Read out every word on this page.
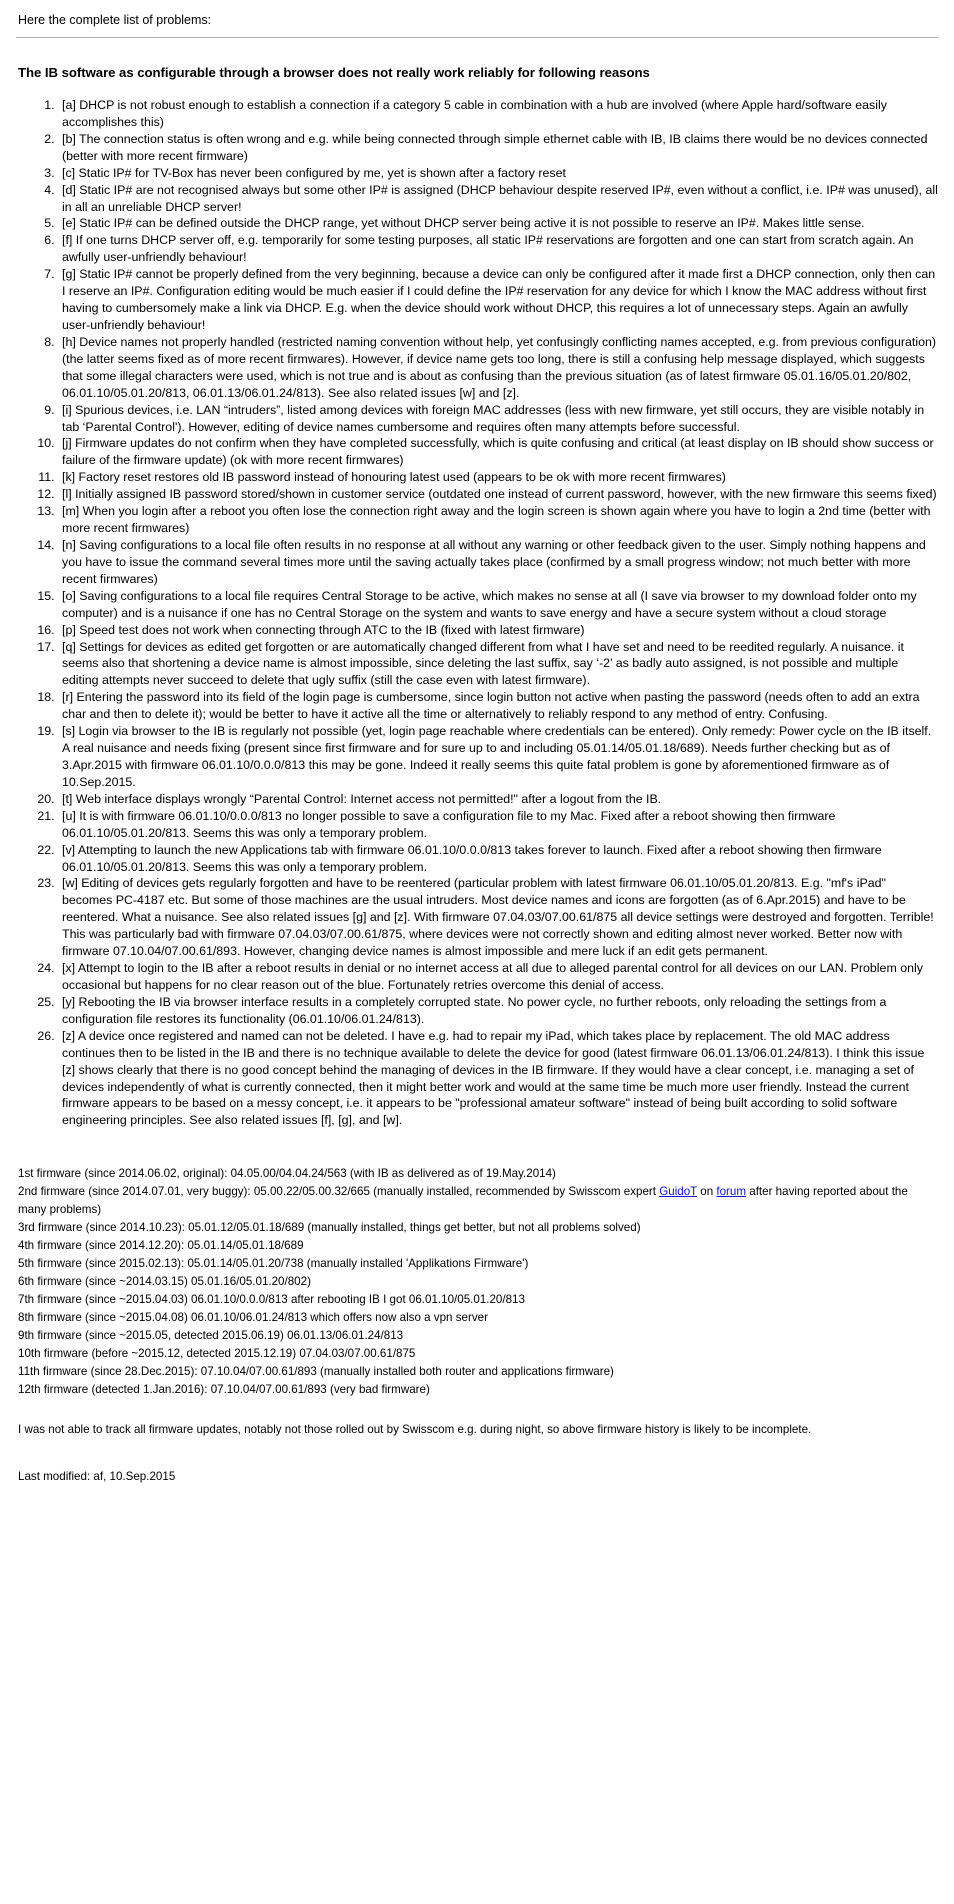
Here the complete list of problems:

The IB software as configurable through a browser does not really work reliably for following reasons
1. [a] DHCP is not robust enough to establish a connection if a category 5 cable in combination with a hub are involved (where Apple hard/software easily accomplishes this)
2. [b] The connection status is often wrong and e.g. while being connected through simple ethernet cable with IB, IB claims there would be no devices connected (better with more recent firmware)
3. [c] Static IP# for TV-Box has never been configured by me, yet is shown after a factory reset
4. [d] Static IP# are not recognised always but some other IP# is assigned (DHCP behaviour despite reserved IP#, even without a conflict, i.e. IP# was unused), all in all an unreliable DHCP server!
5. [e] Static IP# can be defined outside the DHCP range, yet without DHCP server being active it is not possible to reserve an IP#. Makes little sense.
6. [f] If one turns DHCP server off, e.g. temporarily for some testing purposes, all static IP# reservations are forgotten and one can start from scratch again. An awfully user-unfriendly behaviour!
7. [g] Static IP# cannot be properly defined from the very beginning, because a device can only be configured after it made first a DHCP connection, only then can I reserve an IP#. Configuration editing would be much easier if I could define the IP# reservation for any device for which I know the MAC address without first having to cumbersomely make a link via DHCP. E.g. when the device should work without DHCP, this requires a lot of unnecessary steps. Again an awfully user-unfriendly behaviour!
8. [h] Device names not properly handled (restricted naming convention without help, yet confusingly conflicting names accepted, e.g. from previous configuration) (the latter seems fixed as of more recent firmwares). However, if device name gets too long, there is still a confusing help message displayed, which suggests that some illegal characters were used, which is not true and is about as confusing than the previous situation (as of latest firmware 05.01.16/05.01.20/802, 06.01.10/05.01.20/813, 06.01.13/06.01.24/813). See also related issues [w] and [z].
9. [i] Spurious devices, i.e. LAN “intruders”, listed among devices with foreign MAC addresses (less with new firmware, yet still occurs, they are visible notably in tab ‘Parental Control'). However, editing of device names cumbersome and requires often many attempts before successful.
10. [j] Firmware updates do not confirm when they have completed successfully, which is quite confusing and critical (at least display on IB should show success or failure of the firmware update) (ok with more recent firmwares)
11. [k] Factory reset restores old IB password instead of honouring latest used (appears to be ok with more recent firmwares)
12. [l] Initially assigned IB password stored/shown in customer service (outdated one instead of current password, however, with the new firmware this seems fixed)
13. [m] When you login after a reboot you often lose the connection right away and the login screen is shown again where you have to login a 2nd time (better with more recent firmwares)
14. [n] Saving configurations to a local file often results in no response at all without any warning or other feedback given to the user. Simply nothing happens and you have to issue the command several times more until the saving actually takes place (confirmed by a small progress window; not much better with more recent firmwares)
15. [o] Saving configurations to a local file requires Central Storage to be active, which makes no sense at all (I save via browser to my download folder onto my computer) and is a nuisance if one has no Central Storage on the system and wants to save energy and have a secure system without a cloud storage
16. [p] Speed test does not work when connecting through ATC to the IB (fixed with latest firmware)
17. [q] Settings for devices as edited get forgotten or are automatically changed different from what I have set and need to be reedited regularly. A nuisance. it seems also that shortening a device name is almost impossible, since deleting the last suffix, say ‘-2’ as badly auto assigned, is not possible and multiple editing attempts never succeed to delete that ugly suffix (still the case even with latest firmware).
18. [r] Entering the password into its field of the login page is cumbersome, since login button not active when pasting the password (needs often to add an extra char and then to delete it); would be better to have it active all the time or alternatively to reliably respond to any method of entry. Confusing.
19. [s] Login via browser to the IB is regularly not possible (yet, login page reachable where credentials can be entered). Only remedy: Power cycle on the IB itself. A real nuisance and needs fixing (present since first firmware and for sure up to and including 05.01.14/05.01.18/689). Needs further checking but as of 3.Apr.2015 with firmware 06.01.10/0.0.0/813 this may be gone. Indeed it really seems this quite fatal problem is gone by aforementioned firmware as of 10.Sep.2015.
20. [t] Web interface displays wrongly “Parental Control: Internet access not permitted!" after a logout from the IB.
21. [u] It is with firmware 06.01.10/0.0.0/813 no longer possible to save a configuration file to my Mac. Fixed after a reboot showing then firmware 06.01.10/05.01.20/813. Seems this was only a temporary problem.
22. [v] Attempting to launch the new Applications tab with firmware 06.01.10/0.0.0/813 takes forever to launch. Fixed after a reboot showing then firmware 06.01.10/05.01.20/813. Seems this was only a temporary problem.
23. [w] Editing of devices gets regularly forgotten and have to be reentered (particular problem with latest firmware 06.01.10/05.01.20/813. E.g. "mf's iPad" becomes PC-4187 etc. But some of those machines are the usual intruders. Most device names and icons are forgotten (as of 6.Apr.2015) and have to be reentered. What a nuisance. See also related issues [g] and [z]. With firmware 07.04.03/07.00.61/875 all device settings were destroyed and forgotten. Terrible! This was particularly bad with firmware 07.04.03/07.00.61/875, where devices were not correctly shown and editing almost never worked. Better now with firmware 07.10.04/07.00.61/893. However, changing device names is almost impossible and mere luck if an edit gets permanent.
24. [x] Attempt to login to the IB after a reboot results in denial or no internet access at all due to alleged parental control for all devices on our LAN. Problem only occasional but happens for no clear reason out of the blue. Fortunately retries overcome this denial of access.
25. [y] Rebooting the IB via browser interface results in a completely corrupted state. No power cycle, no further reboots, only reloading the settings from a configuration file restores its functionality (06.01.10/06.01.24/813).
26. [z] A device once registered and named can not be deleted. I have e.g. had to repair my iPad, which takes place by replacement. The old MAC address continues then to be listed in the IB and there is no technique available to delete the device for good (latest firmware 06.01.13/06.01.24/813). I think this issue [z] shows clearly that there is no good concept behind the managing of devices in the IB firmware. If they would have a clear concept, i.e. managing a set of devices independently of what is currently connected, then it might better work and would at the same time be much more user friendly. Instead the current firmware appears to be based on a messy concept, i.e. it appears to be "professional amateur software" instead of being built according to solid software engineering principles. See also related issues [f], [g], and [w].

1st firmware (since 2014.06.02, original): 04.05.00/04.04.24/563 (with IB as delivered as of 19.May.2014)

2nd firmware (since 2014.07.01, very buggy): 05.00.22/05.00.32/665 (manually installed, recommended by Swisscom expert GuidoT on forum after having reported about the many problems)

3rd firmware (since 2014.10.23): 05.01.12/05.01.18/689 (manually installed, things get better, but not all problems solved)

4th firmware (since 2014.12.20): 05.01.14/05.01.18/689

5th firmware (since 2015.02.13): 05.01.14/05.01.20/738 (manually installed 'Applikations Firmware')

6th firmware (since ~2014.03.15) 05.01.16/05.01.20/802)

7th firmware (since ~2015.04.03) 06.01.10/0.0.0/813 after rebooting IB I got 06.01.10/05.01.20/813

8th firmware (since ~2015.04.08) 06.01.10/06.01.24/813 which offers now also a vpn server

9th firmware (since ~2015.05, detected 2015.06.19) 06.01.13/06.01.24/813

10th firmware (before ~2015.12, detected 2015.12.19) 07.04.03/07.00.61/875

11th firmware (since 28.Dec.2015): 07.10.04/07.00.61/893 (manually installed both router and applications firmware)

12th firmware (detected 1.Jan.2016): 07.10.04/07.00.61/893 (very bad firmware)

I was not able to track all firmware updates, notably not those rolled out by Swisscom e.g. during night, so above firmware history is likely to be incomplete.

Last modified: af, 10.Sep.2015
